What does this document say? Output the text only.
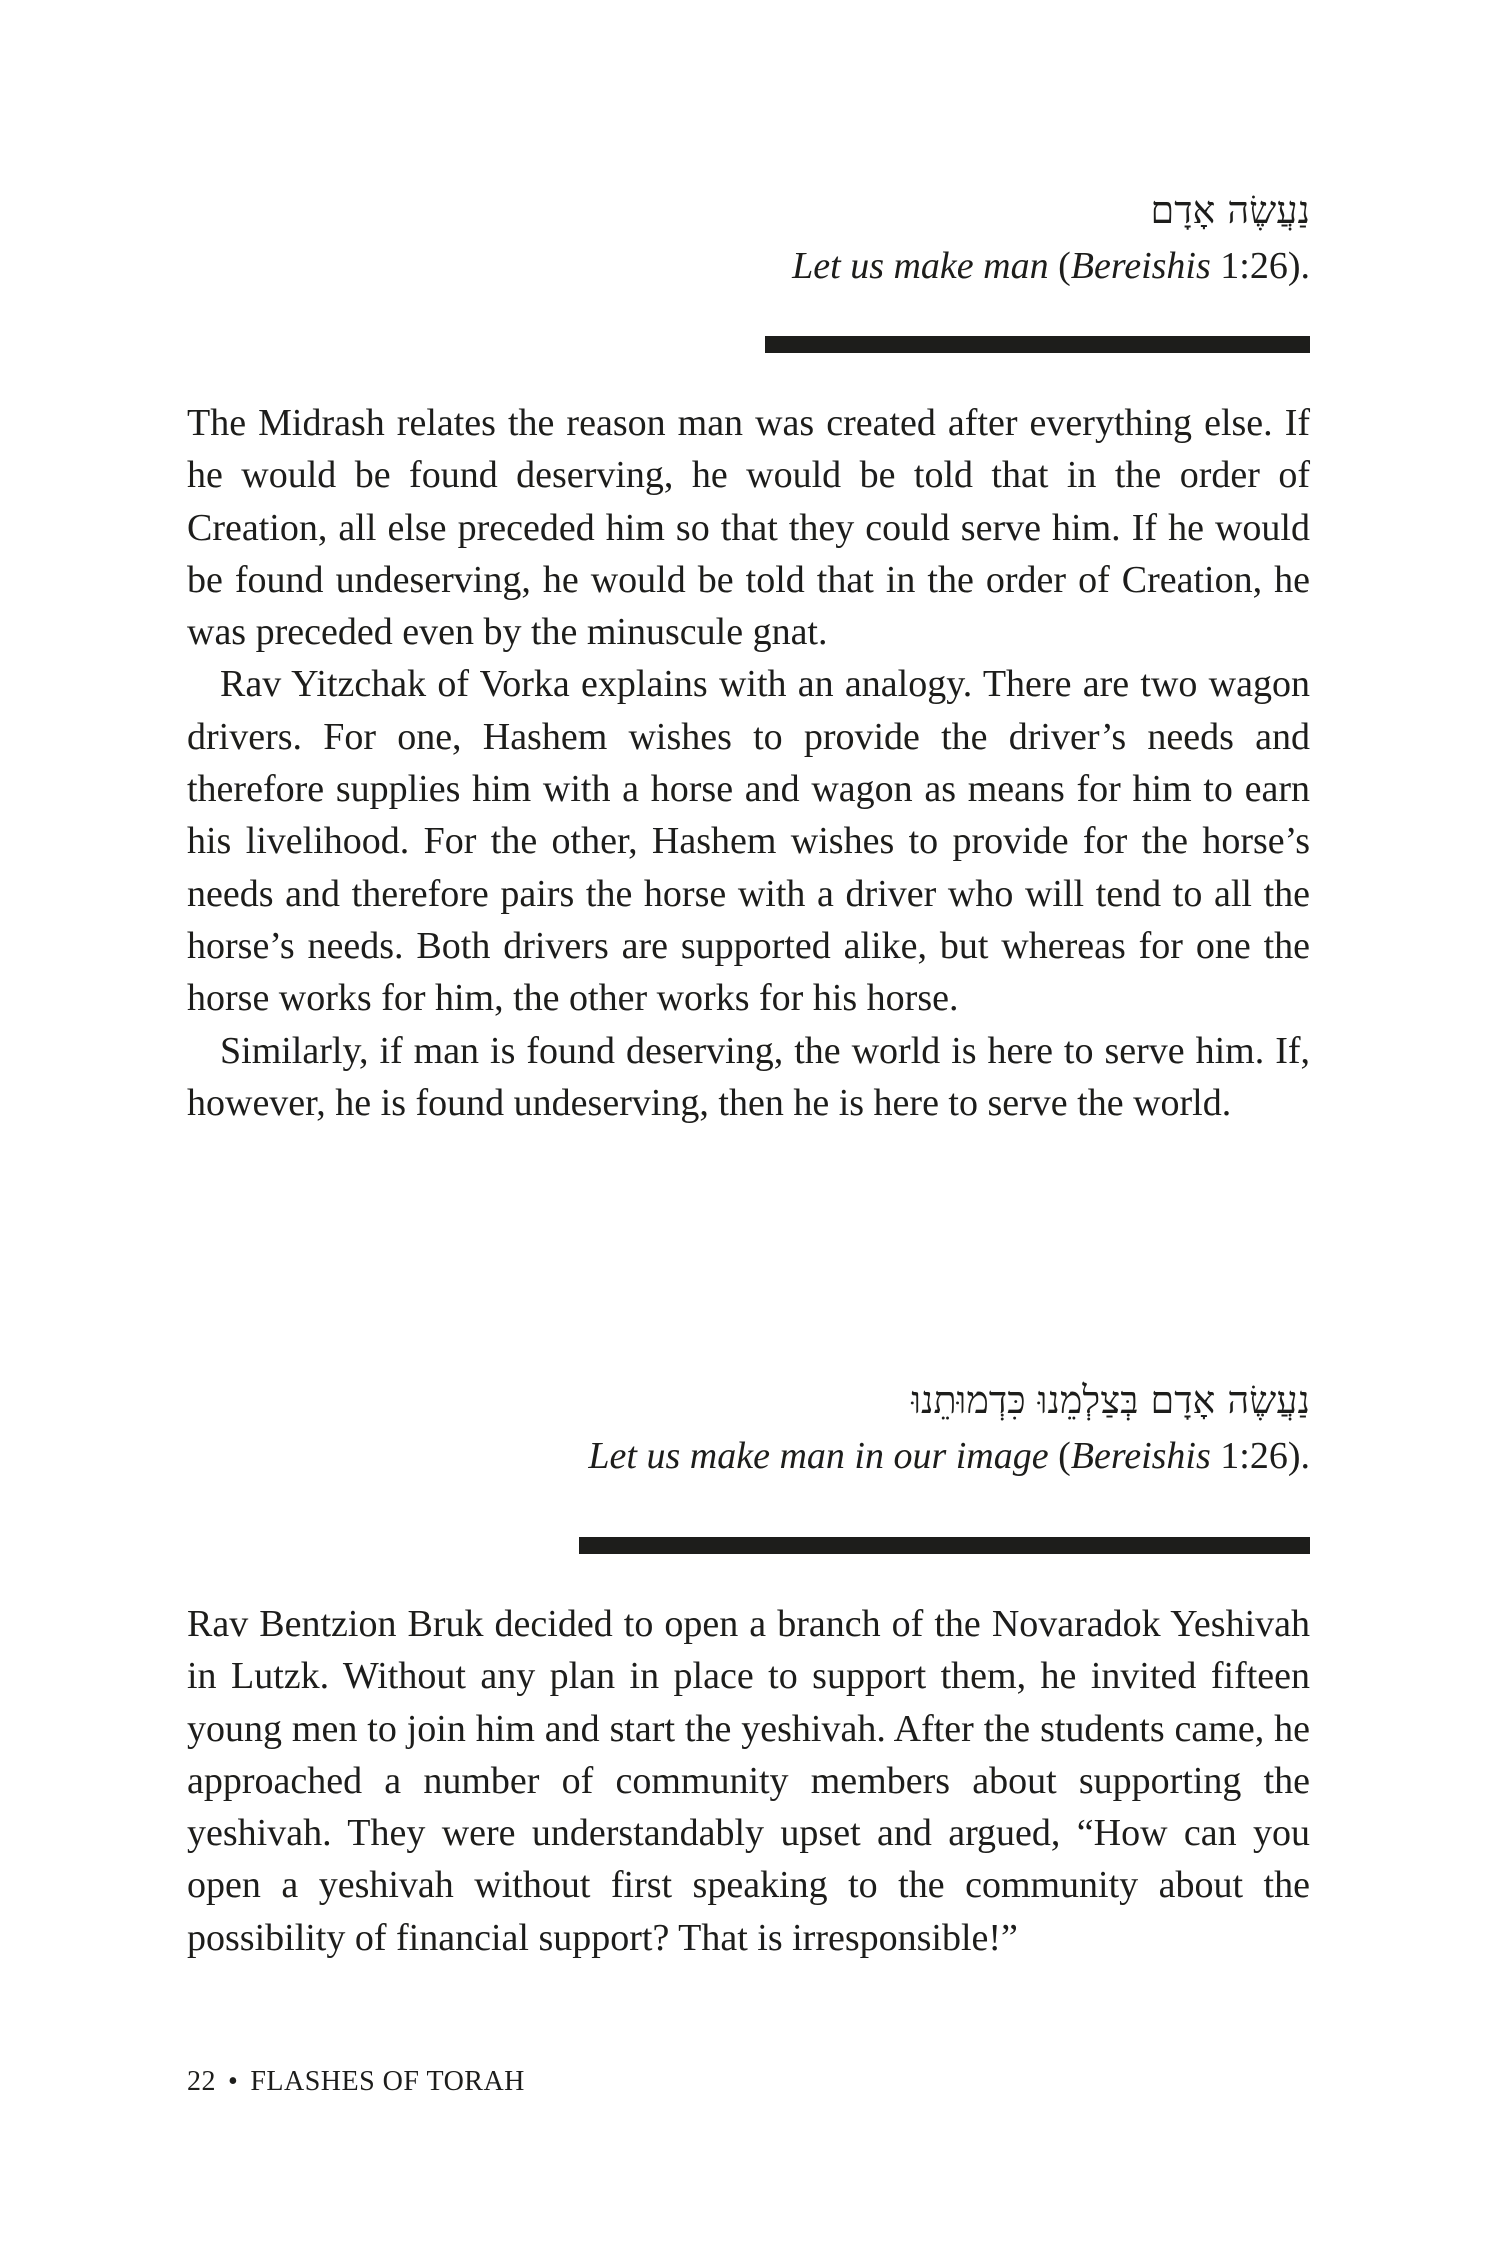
נַעֲשֶׂה אָדָם
Let us make man (Bereishis 1:26).

The Midrash relates the reason man was created after everything else. If he would be found deserving, he would be told that in the order of Creation, all else preceded him so that they could serve him. If he would be found undeserving, he would be told that in the order of Creation, he was preceded even by the minuscule gnat.

Rav Yitzchak of Vorka explains with an analogy. There are two wagon drivers. For one, Hashem wishes to provide the driver’s needs and therefore supplies him with a horse and wagon as means for him to earn his livelihood. For the other, Hashem wishes to provide for the horse’s needs and therefore pairs the horse with a driver who will tend to all the horse’s needs. Both drivers are supported alike, but whereas for one the horse works for him, the other works for his horse.

Similarly, if man is found deserving, the world is here to serve him. If, however, he is found undeserving, then he is here to serve the world.

נַעֲשֶׂה אָדָם בְּצַלְמֵנוּ כִּדְמוּתֵנוּ
Let us make man in our image (Bereishis 1:26).

Rav Bentzion Bruk decided to open a branch of the Novaradok Yeshivah in Lutzk. Without any plan in place to support them, he invited fifteen young men to join him and start the yeshivah. After the students came, he approached a number of community members about supporting the yeshivah. They were understandably upset and argued, “How can you open a yeshivah without first speaking to the community about the possibility of financial support? That is irresponsible!”

22 • FLASHES OF TORAH
